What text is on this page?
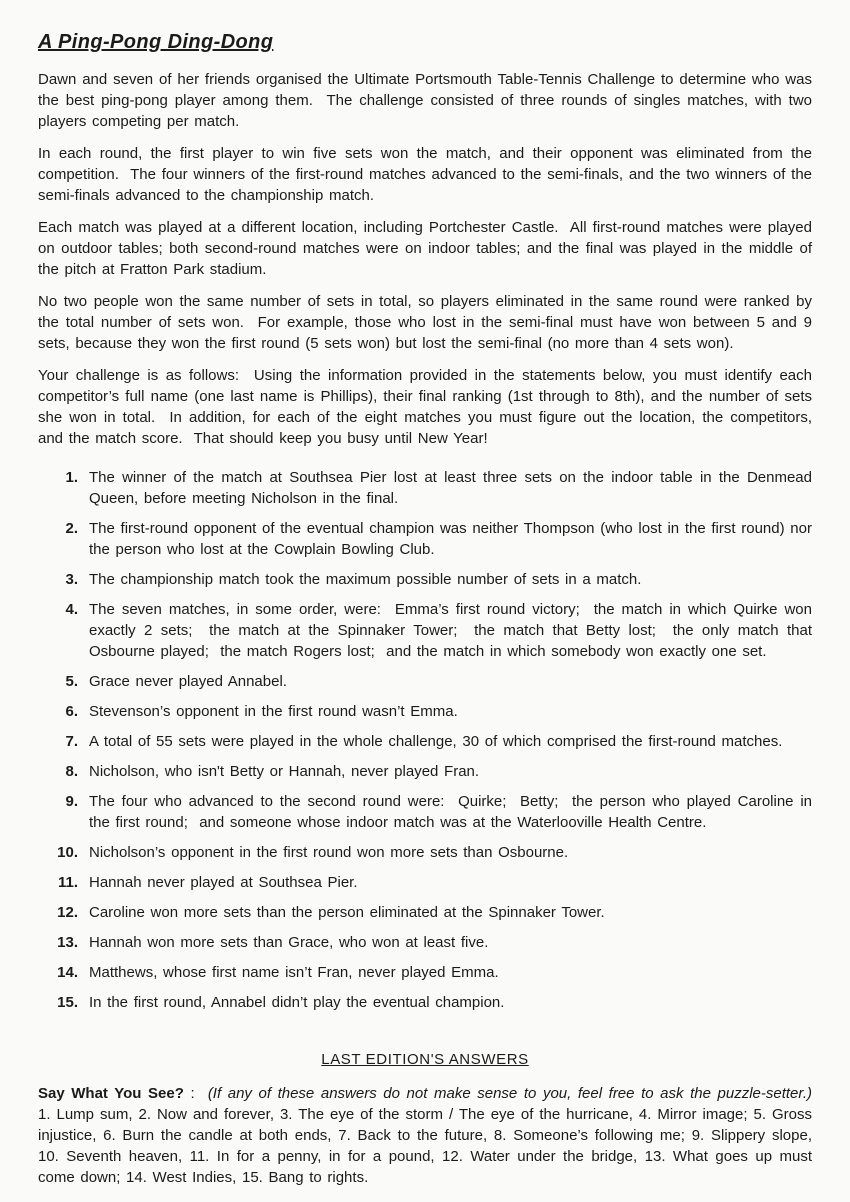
A Ping-Pong Ding-Dong

Dawn and seven of her friends organised the Ultimate Portsmouth Table-Tennis Challenge to determine who was the best ping-pong player among them.  The challenge consisted of three rounds of singles matches, with two players competing per match.

In each round, the first player to win five sets won the match, and their opponent was eliminated from the competition.  The four winners of the first-round matches advanced to the semi-finals, and the two winners of the semi-finals advanced to the championship match.

Each match was played at a different location, including Portchester Castle.  All first-round matches were played on outdoor tables; both second-round matches were on indoor tables; and the final was played in the middle of the pitch at Fratton Park stadium.

No two people won the same number of sets in total, so players eliminated in the same round were ranked by the total number of sets won.  For example, those who lost in the semi-final must have won between 5 and 9 sets, because they won the first round (5 sets won) but lost the semi-final (no more than 4 sets won).

Your challenge is as follows:  Using the information provided in the statements below, you must identify each competitor’s full name (one last name is Phillips), their final ranking (1st through to 8th), and the number of sets she won in total.  In addition, for each of the eight matches you must figure out the location, the competitors, and the match score.  That should keep you busy until New Year!

1. The winner of the match at Southsea Pier lost at least three sets on the indoor table in the Denmead Queen, before meeting Nicholson in the final.
2. The first-round opponent of the eventual champion was neither Thompson (who lost in the first round) nor the person who lost at the Cowplain Bowling Club.
3. The championship match took the maximum possible number of sets in a match.
4. The seven matches, in some order, were:  Emma’s first round victory;  the match in which Quirke won exactly 2 sets;  the match at the Spinnaker Tower;  the match that Betty lost;  the only match that Osbourne played;  the match Rogers lost;  and the match in which somebody won exactly one set.
5. Grace never played Annabel.
6. Stevenson’s opponent in the first round wasn’t Emma.
7. A total of 55 sets were played in the whole challenge, 30 of which comprised the first-round matches.
8. Nicholson, who isn't Betty or Hannah, never played Fran.
9. The four who advanced to the second round were:  Quirke;  Betty;  the person who played Caroline in the first round;  and someone whose indoor match was at the Waterlooville Health Centre.
10. Nicholson’s opponent in the first round won more sets than Osbourne.
11. Hannah never played at Southsea Pier.
12. Caroline won more sets than the person eliminated at the Spinnaker Tower.
13. Hannah won more sets than Grace, who won at least five.
14. Matthews, whose first name isn’t Fran, never played Emma.
15. In the first round, Annabel didn’t play the eventual champion.
LAST EDITION'S ANSWERS
Say What You See? :  (If any of these answers do not make sense to you, feel free to ask the puzzle-setter.)
1. Lump sum, 2. Now and forever, 3. The eye of the storm / The eye of the hurricane, 4. Mirror image; 5. Gross injustice, 6. Burn the candle at both ends, 7. Back to the future, 8. Someone’s following me; 9. Slippery slope, 10. Seventh heaven, 11. In for a penny, in for a pound, 12. Water under the bridge, 13. What goes up must come down; 14. West Indies, 15. Bang to rights.
